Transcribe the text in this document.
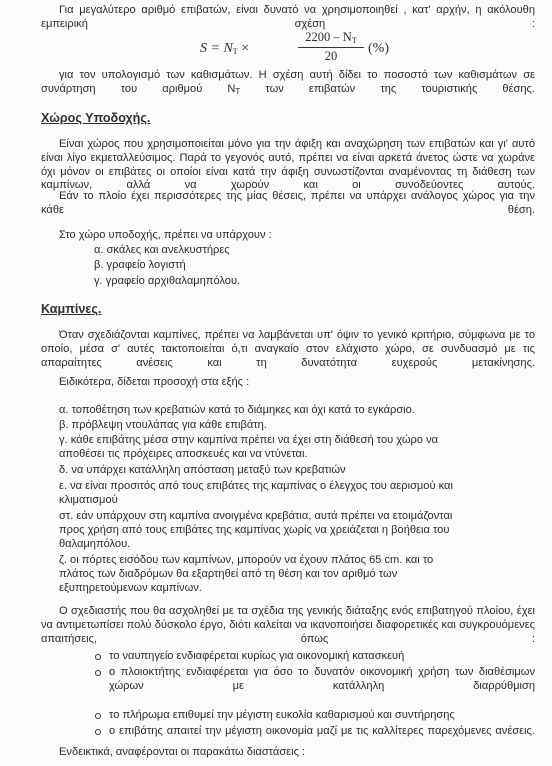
Για μεγαλύτερο αριθμό επιβατών, είναι δυνατό να χρησιμοποιηθεί , κατ' αρχήν, η ακόλουθη εμπειρική σχέση :

$S = N_T$ ×	$\frac{2200 - N_T}{20}$ (%)

για τον υπολογισμό των καθισμάτων. Η σχέση αυτή δίδει το ποσοστό των καθισμάτων σε συνάρτηση του αριθμού $N_T$ των επιβατών της τουριστικής θέσης.

Χώρος Υποδοχής.

Είναι χώρος που χρησιμοποιείται μόνο για την άφιξη και αναχώρηση των επιβατών και γι' αυτό είναι λίγο εκμεταλλεύσιμος. Παρά το γεγονός αυτό, πρέπει να είναι αρκετά άνετος ώστε να χωράνε όχι μόνον οι επιβάτες οι οποίοι είναι κατά την άφιξη συνωστίζονται αναμένοντας τη διάθεση των καμπίνων, αλλά να χωρούν και οι συνοδεύοντες αυτούς.

Εάν το πλοίο έχει περισσότερες της μίας θέσεις, πρέπει να υπάρχει ανάλογος χώρος για την κάθε θέση.

Στο χώρο υποδοχής, πρέπει να υπάρχουν :

α. σκάλες και ανελκυστήρες
β. γραφείο λογιστή
γ. γραφείο αρχιθαλαμηπόλου.
Καμπίνες.

Όταν σχεδιάζονται καμπίνες, πρέπει να λαμβάνεται υπ' όψιν το γενικό κριτήριο, σύμφωνα με το οποίο, μέσα σ' αυτές τακτοποιείται ό,τι αναγκαίο στον ελάχιστο χώρο, σε συνδυασμό με τις απαραίτητες ανέσεις και τη δυνατότητα ευχερούς μετακίνησης.

Ειδικότερα, δίδεται προσοχή στα εξής :

α. τοποθέτηση των κρεβατιών κατά το διάμηκες και όχι κατά το εγκάρσιο.
β. πρόβλεψη ντουλάπας για κάθε επιβάτη.
γ. κάθε επιβάτης μέσα στην καμπίνα πρέπει να έχει στη διάθεσή του χώρο να αποθέσει τις πρόχειρες αποσκευές και να ντύνεται.
δ. να υπάρχει κατάλληλη απόσταση μεταξύ των κρεβατιών
ε. να είναι προσιτός από τους επιβάτες της καμπίνας ο έλεγχος του αερισμού και κλιματισμού
στ. εάν υπάρχουν στη καμπίνα ανοιγμένα κρεβάτια, αυτά πρέπει να ετοιμάζονται προς χρήση από τους επιβάτες της καμπίνας χωρίς να χρειάζεται η βοήθεια του θαλαμηπόλου.
ζ. οι πόρτες εισόδου των καμπίνων, μπορούν να έχουν πλάτος 65 cm. και το πλάτος των διαδρόμων θα εξαρτηθεί από τη θέση και τον αριθμό των εξυπηρετούμενων καμπίνων.

Ο σχεδιαστής που θα ασχοληθεί με τα σχέδια της γενικής διάταξης ενός επιβατηγού πλοίου, έχει να αντιμετωπίσει πολύ δύσκολο έργο, διότι καλείται να ικανοποιήσει διαφορετικές και συγκρουόμενες απαιτήσεις, όπως :

το ναυπηγείο ενδιαφέρεται κυρίως για οικονομική κατασκευή
ο πλοιοκτήτης ενδιαφέρεται για όσο το δυνατόν οικονομική χρήση των διαθέσιμων χώρων με κατάλληλη διαρρύθμιση
το πλήρωμα επιθυμεί την μέγιστη ευκολία καθαρισμού και συντήρησης
ο επιβάτης απαιτεί την μέγιστη οικονομία μαζί με τις καλλίτερες παρεχόμενες ανέσεις.

Ενδεικτικά, αναφέρονται οι παρακάτω διαστάσεις :
